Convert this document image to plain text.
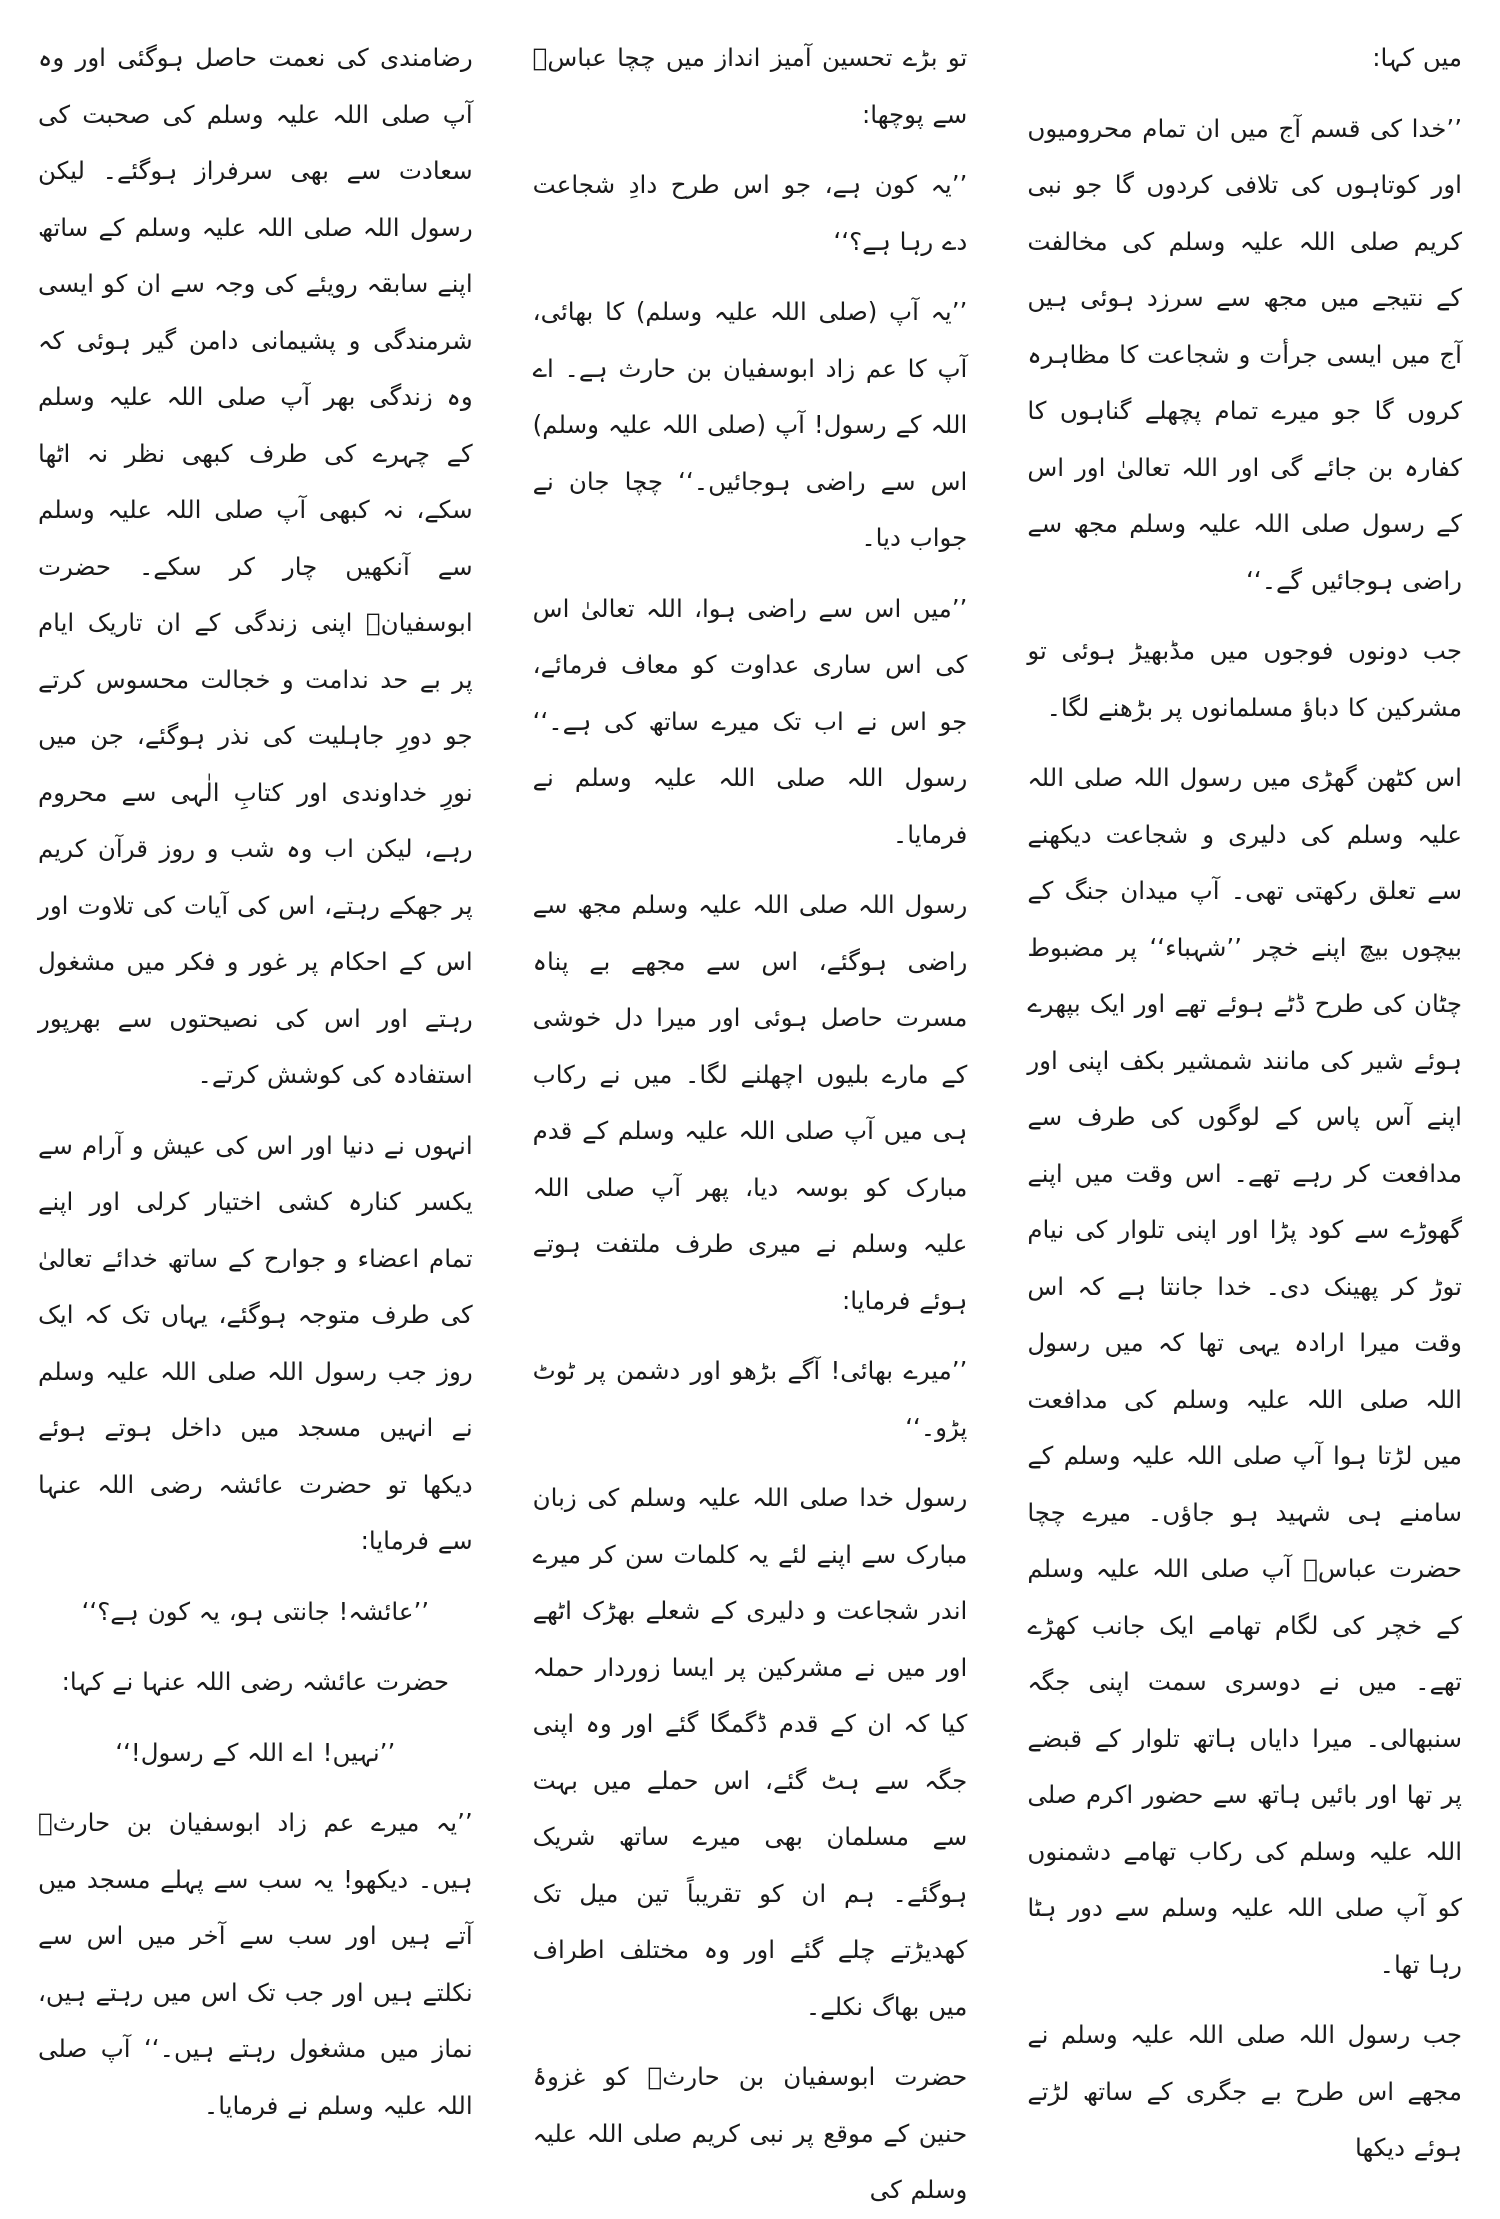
میں کہا:

’’خدا کی قسم آج میں ان تمام محرومیوں اور کوتاہوں کی تلافی کردوں گا جو نبی کریم صلی اللہ علیہ وسلم کی مخالفت کے نتیجے میں مجھ سے سرزد ہوئی ہیں آج میں ایسی جرأت و شجاعت کا مظاہرہ کروں گا جو میرے تمام پچھلے گناہوں کا کفارہ بن جائے گی اور اللہ تعالیٰ اور اس کے رسول صلی اللہ علیہ وسلم مجھ سے راضی ہوجائیں گے۔‘‘

جب دونوں فوجوں میں مڈبھیڑ ہوئی تو مشرکین کا دباؤ مسلمانوں پر بڑھنے لگا۔

اس کٹھن گھڑی میں رسول اللہ صلی اللہ علیہ وسلم کی دلیری و شجاعت دیکھنے سے تعلق رکھتی تھی۔ آپ میدان جنگ کے بیچوں بیچ اپنے خچر ’’شہباء‘‘ پر مضبوط چٹان کی طرح ڈٹے ہوئے تھے اور ایک بپھرے ہوئے شیر کی مانند شمشیر بکف اپنی اور اپنے آس پاس کے لوگوں کی طرف سے مدافعت کر رہے تھے۔ اس وقت میں اپنے گھوڑے سے کود پڑا اور اپنی تلوار کی نیام توڑ کر پھینک دی۔ خدا جانتا ہے کہ اس وقت میرا ارادہ یہی تھا کہ میں رسول اللہ صلی اللہ علیہ وسلم کی مدافعت میں لڑتا ہوا آپ صلی اللہ علیہ وسلم کے سامنے ہی شہید ہو جاؤں۔ میرے چچا حضرت عباسؓ آپ صلی اللہ علیہ وسلم کے خچر کی لگام تھامے ایک جانب کھڑے تھے۔ میں نے دوسری سمت اپنی جگہ سنبھالی۔ میرا دایاں ہاتھ تلوار کے قبضے پر تھا اور بائیں ہاتھ سے حضور اکرم صلی اللہ علیہ وسلم کی رکاب تھامے دشمنوں کو آپ صلی اللہ علیہ وسلم سے دور ہٹا رہا تھا۔

جب رسول اللہ صلی اللہ علیہ وسلم نے مجھے اس طرح بے جگری کے ساتھ لڑتے ہوئے دیکھا

تو بڑے تحسین آمیز انداز میں چچا عباسؓ سے پوچھا:

’’یہ کون ہے، جو اس طرح دادِ شجاعت دے رہا ہے؟‘‘

’’یہ آپ (صلی اللہ علیہ وسلم) کا بھائی، آپ کا عم زاد ابوسفیان بن حارث ہے۔ اے اللہ کے رسول! آپ (صلی اللہ علیہ وسلم) اس سے راضی ہوجائیں۔‘‘ چچا جان نے جواب دیا۔

’’میں اس سے راضی ہوا، اللہ تعالیٰ اس کی اس ساری عداوت کو معاف فرمائے، جو اس نے اب تک میرے ساتھ کی ہے۔‘‘ رسول اللہ صلی اللہ علیہ وسلم نے فرمایا۔

رسول اللہ صلی اللہ علیہ وسلم مجھ سے راضی ہوگئے، اس سے مجھے بے پناہ مسرت حاصل ہوئی اور میرا دل خوشی کے مارے بلیوں اچھلنے لگا۔ میں نے رکاب ہی میں آپ صلی اللہ علیہ وسلم کے قدم مبارک کو بوسہ دیا، پھر آپ صلی اللہ علیہ وسلم نے میری طرف ملتفت ہوتے ہوئے فرمایا:

’’میرے بھائی! آگے بڑھو اور دشمن پر ٹوٹ پڑو۔‘‘

رسول خدا صلی اللہ علیہ وسلم کی زبان مبارک سے اپنے لئے یہ کلمات سن کر میرے اندر شجاعت و دلیری کے شعلے بھڑک اٹھے اور میں نے مشرکین پر ایسا زوردار حملہ کیا کہ ان کے قدم ڈگمگا گئے اور وہ اپنی جگہ سے ہٹ گئے، اس حملے میں بہت سے مسلمان بھی میرے ساتھ شریک ہوگئے۔ ہم ان کو تقریباً تین میل تک کھدیڑتے چلے گئے اور وہ مختلف اطراف میں بھاگ نکلے۔

حضرت ابوسفیان بن حارثؓ کو غزوۂ حنین کے موقع پر نبی کریم صلی اللہ علیہ وسلم کی

رضامندی کی نعمت حاصل ہوگئی اور وہ آپ صلی اللہ علیہ وسلم کی صحبت کی سعادت سے بھی سرفراز ہوگئے۔ لیکن رسول اللہ صلی اللہ علیہ وسلم کے ساتھ اپنے سابقہ رویئے کی وجہ سے ان کو ایسی شرمندگی و پشیمانی دامن گیر ہوئی کہ وہ زندگی بھر آپ صلی اللہ علیہ وسلم کے چہرے کی طرف کبھی نظر نہ اٹھا سکے، نہ کبھی آپ صلی اللہ علیہ وسلم سے آنکھیں چار کر سکے۔ حضرت ابوسفیانؓ اپنی زندگی کے ان تاریک ایام پر بے حد ندامت و خجالت محسوس کرتے جو دورِ جاہلیت کی نذر ہوگئے، جن میں نورِ خداوندی اور کتابِ الٰہی سے محروم رہے، لیکن اب وہ شب و روز قرآن کریم پر جھکے رہتے، اس کی آیات کی تلاوت اور اس کے احکام پر غور و فکر میں مشغول رہتے اور اس کی نصیحتوں سے بھرپور استفادہ کی کوشش کرتے۔

انہوں نے دنیا اور اس کی عیش و آرام سے یکسر کنارہ کشی اختیار کرلی اور اپنے تمام اعضاء و جوارح کے ساتھ خدائے تعالیٰ کی طرف متوجہ ہوگئے، یہاں تک کہ ایک روز جب رسول اللہ صلی اللہ علیہ وسلم نے انہیں مسجد میں داخل ہوتے ہوئے دیکھا تو حضرت عائشہ رضی اللہ عنہا سے فرمایا:

’’عائشہ! جانتی ہو، یہ کون ہے؟‘‘

حضرت عائشہ رضی اللہ عنہا نے کہا:

’’نہیں! اے اللہ کے رسول!‘‘

’’یہ میرے عم زاد ابوسفیان بن حارثؓ ہیں۔ دیکھو! یہ سب سے پہلے مسجد میں آتے ہیں اور سب سے آخر میں اس سے نکلتے ہیں اور جب تک اس میں رہتے ہیں، نماز میں مشغول رہتے ہیں۔‘‘ آپ صلی اللہ علیہ وسلم نے فرمایا۔
